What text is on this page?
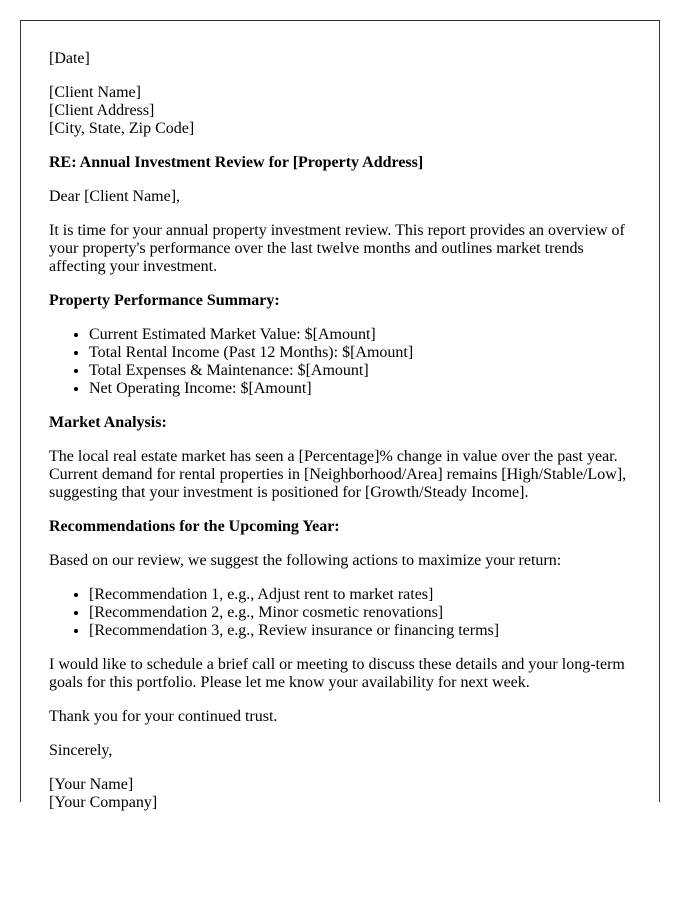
[Date]

[Client Name]
[Client Address]
[City, State, Zip Code]

RE: Annual Investment Review for [Property Address]

Dear [Client Name],

It is time for your annual property investment review. This report provides an overview of
your property's performance over the last twelve months and outlines market trends
affecting your investment.

Property Performance Summary:

• Current Estimated Market Value: $[Amount]
• Total Rental Income (Past 12 Months): $[Amount]
• Total Expenses & Maintenance: $[Amount]
• Net Operating Income: $[Amount]

Market Analysis:

The local real estate market has seen a [Percentage]% change in value over the past year.
Current demand for rental properties in [Neighborhood/Area] remains [High/Stable/Low],
suggesting that your investment is positioned for [Growth/Steady Income].

Recommendations for the Upcoming Year:

Based on our review, we suggest the following actions to maximize your return:

• [Recommendation 1, e.g., Adjust rent to market rates]
• [Recommendation 2, e.g., Minor cosmetic renovations]
• [Recommendation 3, e.g., Review insurance or financing terms]

I would like to schedule a brief call or meeting to discuss these details and your long-term
goals for this portfolio. Please let me know your availability for next week.

Thank you for your continued trust.

Sincerely,

[Your Name]
[Your Company]
